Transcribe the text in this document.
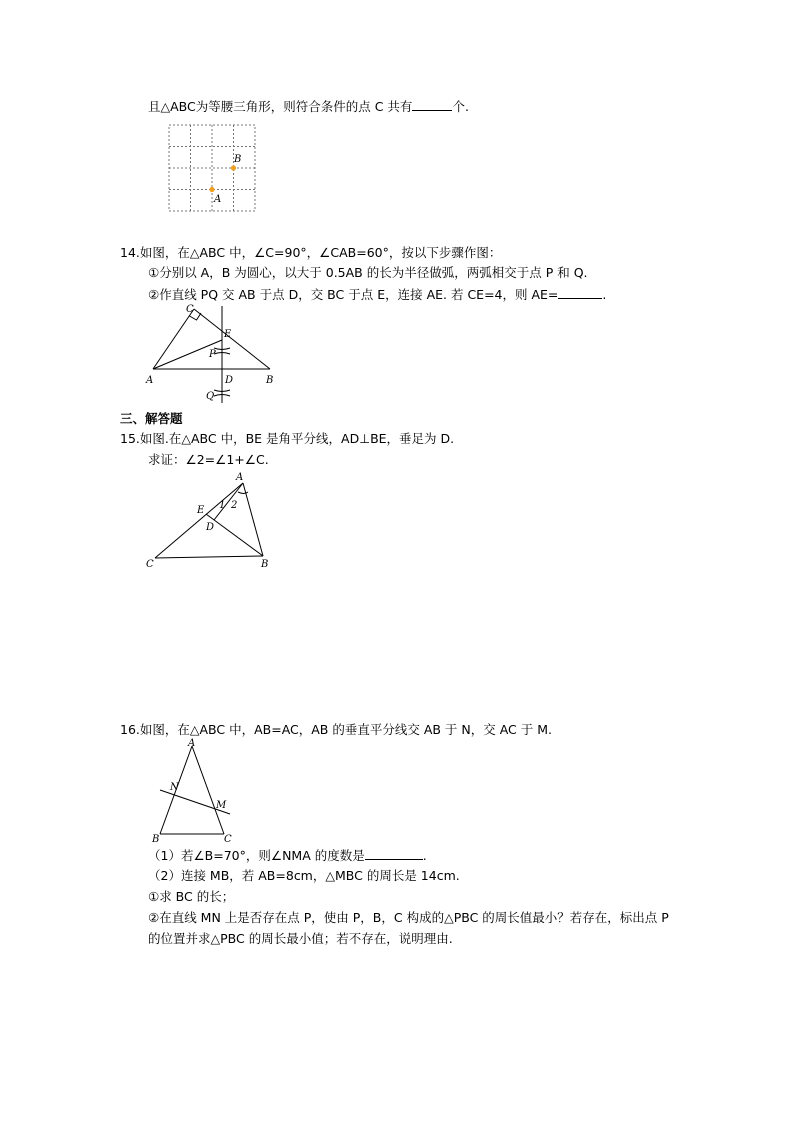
且△ABC为等腰三角形，则符合条件的点 C 共有	个.
B
A
14.如图，在△ABC 中，∠C=90°，∠CAB=60°，按以下步骤作图：
①分别以 A，B 为圆心，以大于 0.5AB 的长为半径做弧，两弧相交于点 P 和 Q.
②作直线 PQ 交 AB 于点 D，交 BC 于点 E，连接 AE. 若 CE=4，则 AE=	.
C
E
P
A	D	B
Q
三、解答题
15.如图.在△ABC 中，BE 是角平分线，AD⊥BE，垂足为 D.
求证：∠2=∠1+∠C.
A
E 1 2
D
C	B
16.如图，在△ABC 中，AB=AC，AB 的垂直平分线交 AB 于 N，交 AC 于 M.
A
N
M
B	C
（1）若∠B=70°，则∠NMA 的度数是	.
（2）连接 MB，若 AB=8cm，△MBC 的周长是 14cm.
①求 BC 的长；
②在直线 MN 上是否存在点 P，使由 P，B，C 构成的△PBC 的周长值最小？若存在，标出点 P
的位置并求△PBC 的周长最小值；若不存在，说明理由.
